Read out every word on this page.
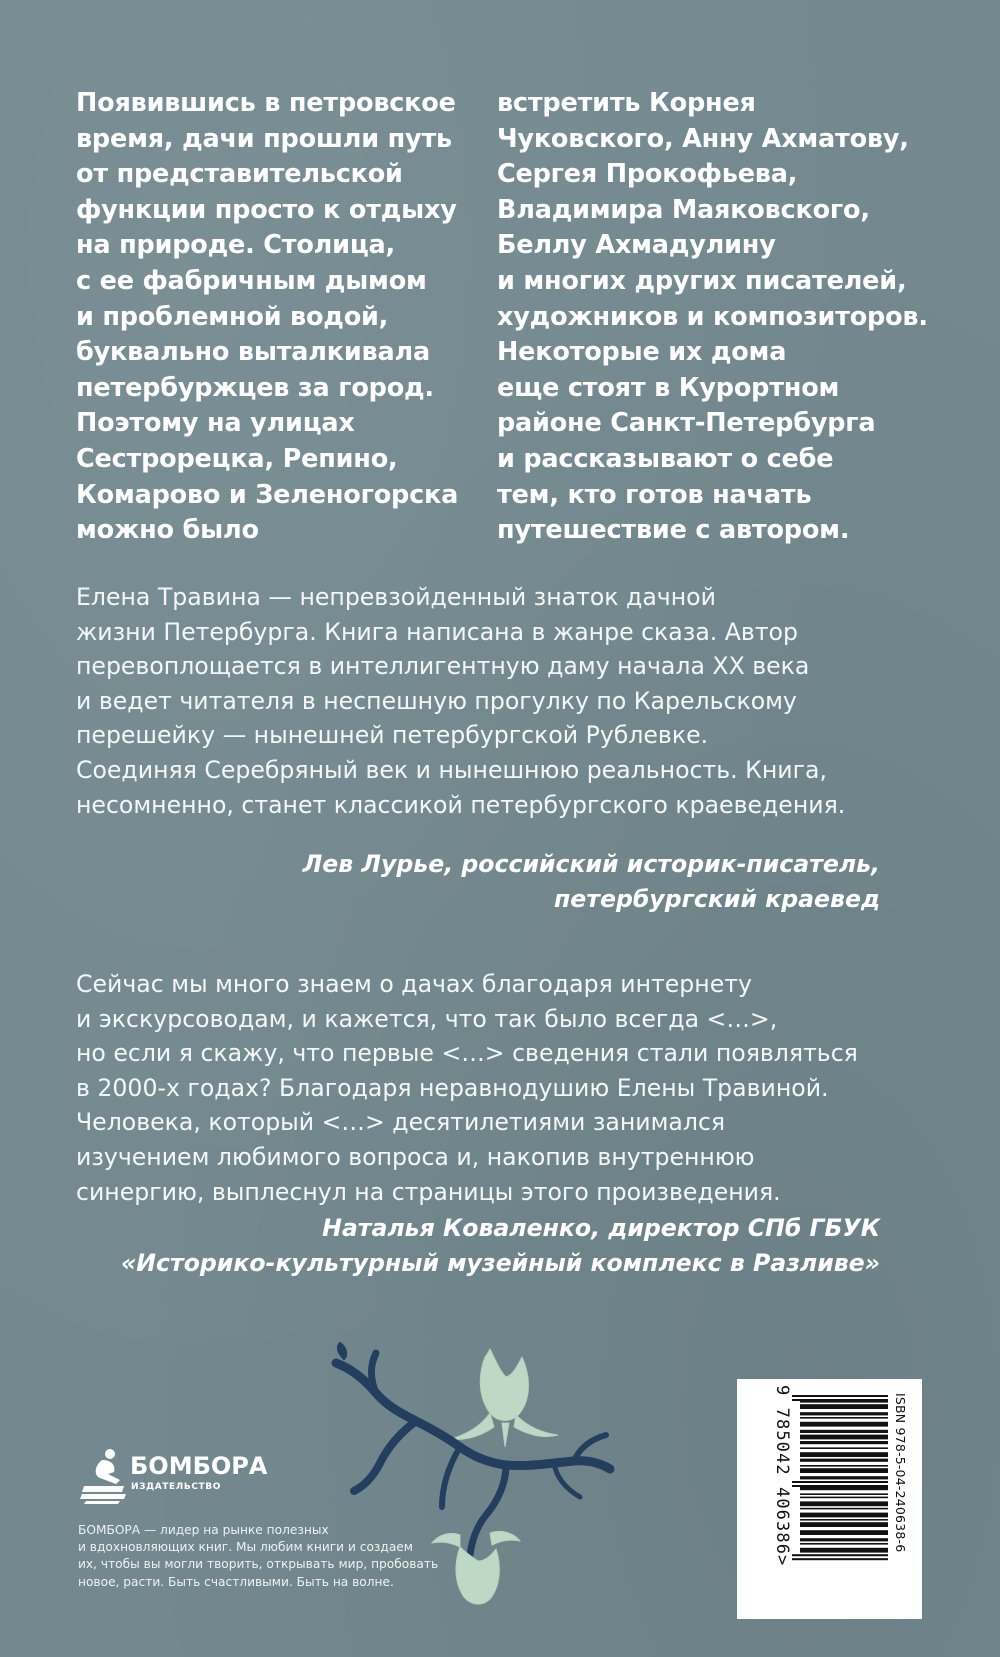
Появившись в петровское
время, дачи прошли путь
от представительской
функции просто к отдыху
на природе. Столица,
с ее фабричным дымом
и проблемной водой,
буквально выталкивала
петербуржцев за город.
Поэтому на улицах
Сестрорецка, Репино,
Комарово и Зеленогорска
можно было
встретить Корнея
Чуковского, Анну Ахматову,
Сергея Прокофьева,
Владимира Маяковского,
Беллу Ахмадулину
и многих других писателей,
художников и композиторов.
Некоторые их дома
еще стоят в Курортном
районе Санкт-Петербурга
и рассказывают о себе
тем, кто готов начать
путешествие с автором.
Елена Травина — непревзойденный знаток дачной
жизни Петербурга. Книга написана в жанре сказа. Автор
перевоплощается в интеллигентную даму начала XX века
и ведет читателя в неспешную прогулку по Карельскому
перешейку — нынешней петербургской Рублевке.
Соединяя Серебряный век и нынешнюю реальность. Книга,
несомненно, станет классикой петербургского краеведения.
Лев Лурье, российский историк-писатель,
петербургский краевед
Сейчас мы много знаем о дачах благодаря интернету
и экскурсоводам, и кажется, что так было всегда <…>,
но если я скажу, что первые <…> сведения стали появляться
в 2000-х годах? Благодаря неравнодушию Елены Травиной.
Человека, который <…> десятилетиями занимался
изучением любимого вопроса и, накопив внутреннюю
синергию, выплеснул на страницы этого произведения.
Наталья Коваленко, директор СПб ГБУК
«Историко-культурный музейный комплекс в Разливе»
БОМБОРА
ИЗДАТЕЛЬСТВО
БОМБОРА — лидер на рынке полезных
и вдохновляющих книг. Мы любим книги и создаем
их, чтобы вы могли творить, открывать мир, пробовать
новое, расти. Быть счастливыми. Быть на волне.
ISBN 978-5-04-240638-6
9 785042 406386>
